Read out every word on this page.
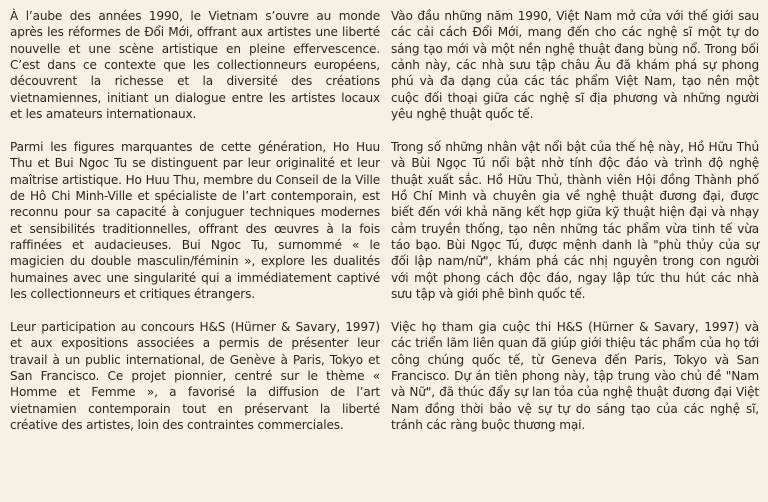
À l’aube des années 1990, le Vietnam s’ouvre au monde après les réformes de Đổi Mới, offrant aux artistes une liberté nouvelle et une scène artistique en pleine effervescence. C’est dans ce contexte que les collectionneurs européens, découvrent la richesse et la diversité des créations vietnamiennes, initiant un dialogue entre les artistes locaux et les amateurs internationaux.

Parmi les figures marquantes de cette génération, Ho Huu Thu et Bui Ngoc Tu se distinguent par leur originalité et leur maîtrise artistique. Ho Huu Thu, membre du Conseil de la Ville de Hô Chi Minh-Ville et spécialiste de l’art contemporain, est reconnu pour sa capacité à conjuguer techniques modernes et sensibilités traditionnelles, offrant des œuvres à la fois raffinées et audacieuses. Bui Ngoc Tu, surnommé « le magicien du double masculin/féminin », explore les dualités humaines avec une singularité qui a immédiatement captivé les collectionneurs et critiques étrangers.

Leur participation au concours H&S (Hürner & Savary, 1997) et aux expositions associées a permis de présenter leur travail à un public international, de Genève à Paris, Tokyo et San Francisco. Ce projet pionnier, centré sur le thème « Homme et Femme », a favorisé la diffusion de l’art vietnamien contemporain tout en préservant la liberté créative des artistes, loin des contraintes commerciales.

Vào đầu những năm 1990, Việt Nam mở cửa với thế giới sau các cải cách Đổi Mới, mang đến cho các nghệ sĩ một tự do sáng tạo mới và một nền nghệ thuật đang bùng nổ. Trong bối cảnh này, các nhà sưu tập châu Âu đã khám phá sự phong phú và đa dạng của các tác phẩm Việt Nam, tạo nên một cuộc đối thoại giữa các nghệ sĩ địa phương và những người yêu nghệ thuật quốc tế.

Trong số những nhân vật nổi bật của thế hệ này, Hồ Hữu Thủ và Bùi Ngọc Tú nổi bật nhờ tính độc đáo và trình độ nghệ thuật xuất sắc. Hồ Hữu Thủ, thành viên Hội đồng Thành phố Hồ Chí Minh và chuyên gia về nghệ thuật đương đại, được biết đến với khả năng kết hợp giữa kỹ thuật hiện đại và nhạy cảm truyền thống, tạo nên những tác phẩm vừa tinh tế vừa táo bạo. Bùi Ngọc Tú, được mệnh danh là "phù thủy của sự đối lập nam/nữ", khám phá các nhị nguyên trong con người với một phong cách độc đáo, ngay lập tức thu hút các nhà sưu tập và giới phê bình quốc tế.

Việc họ tham gia cuộc thi H&S (Hürner & Savary, 1997) và các triển lãm liên quan đã giúp giới thiệu tác phẩm của họ tới công chúng quốc tế, từ Geneva đến Paris, Tokyo và San Francisco. Dự án tiên phong này, tập trung vào chủ đề "Nam và Nữ", đã thúc đẩy sự lan tỏa của nghệ thuật đương đại Việt Nam đồng thời bảo vệ sự tự do sáng tạo của các nghệ sĩ, tránh các ràng buộc thương mại.
